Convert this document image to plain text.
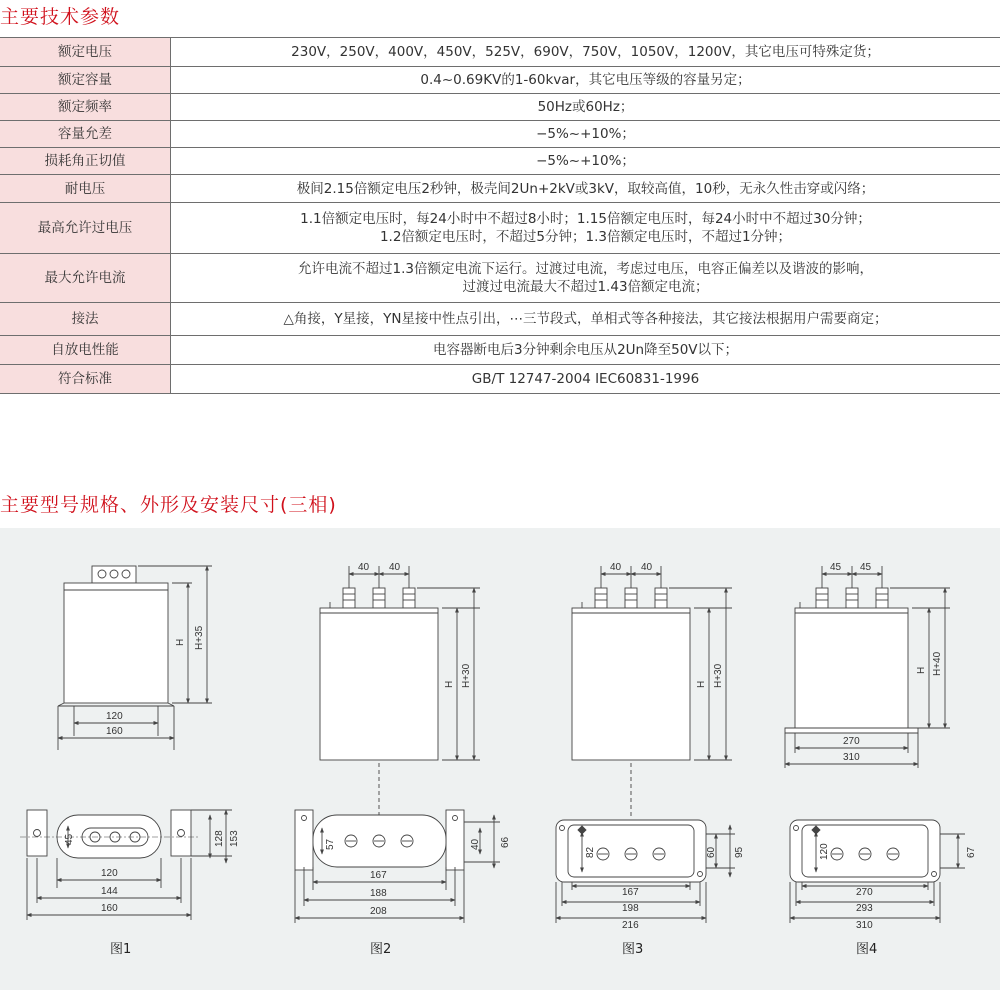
主要技术参数
额定电压	230V，250V，400V，450V，525V，690V，750V，1050V，1200V，其它电压可特殊定货；
额定容量	0.4~0.69KV的1-60kvar，其它电压等级的容量另定；
额定频率	50Hz或60Hz；
容量允差	−5%~+10%；
损耗角正切值	−5%~+10%；
耐电压	极间2.15倍额定电压2秒钟，极壳间2Un+2kV或3kV，取较高值，10秒，无永久性击穿或闪络；
最高允许过电压	1.1倍额定电压时，每24小时中不超过8小时；1.15倍额定电压时，每24小时中不超过30分钟；
1.2倍额定电压时，不超过5分钟；1.3倍额定电压时，不超过1分钟；

最大允许电流	允许电流不超过1.3倍额定电流下运行。过渡过电流，考虑过电压，电容正偏差以及谐波的影响，
过渡过电流最大不超过1.43倍额定电流；

接法	△角接，Y星接，YN星接中性点引出，⋯三节段式，单相式等各种接法，其它接法根据用户需要商定；
自放电性能	电容器断电后3分钟剩余电压从2Un降至50V以下；
符合标准	GB/T 12747-2004 IEC60831-1996
主要型号规格、外形及安装尺寸(三相)
H H+35
120
160
45	128 153
120
144
160
40 40
H H+30
57	40 66
167
188
208
40 40
H H+30
82	60 95
167
198
216
45 45
H H+40
270
310
120	67
270
293
310
图1	图2	图3	图4
